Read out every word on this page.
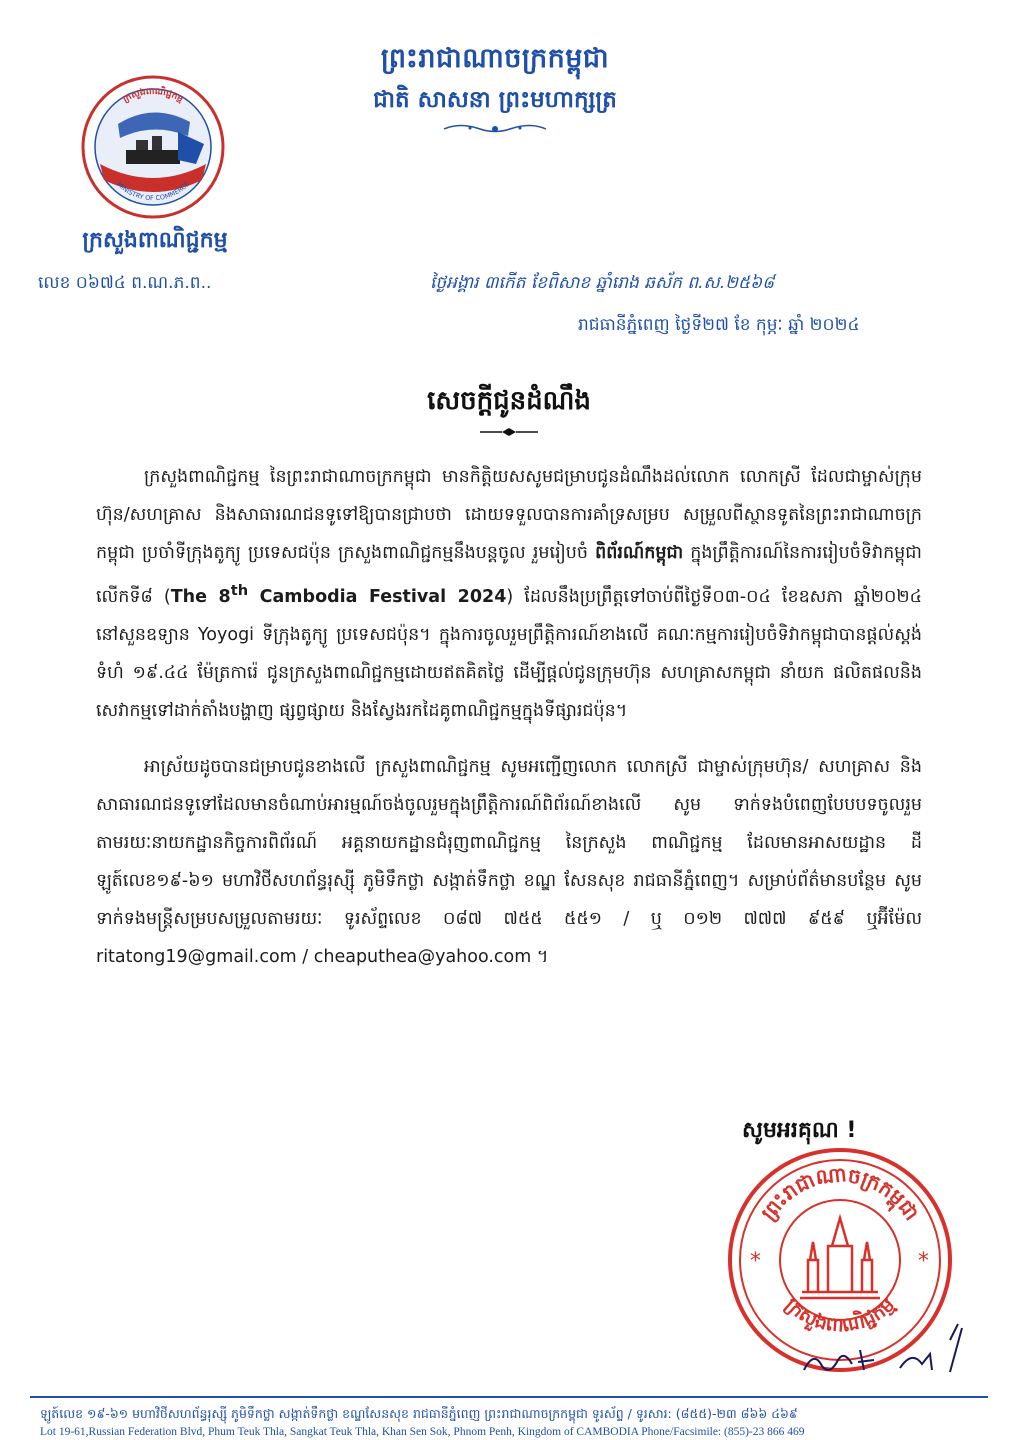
ក្រសួងពាណិជ្ជកម្ម
MINISTRY OF COMMERCE
ក្រសួងពាណិជ្ជកម្ម
លេខ ០៦៧៤ ព.ណ.ភ.ព..
ព្រះរាជាណាចក្រកម្ពុជា
ជាតិ សាសនា ព្រះមហាក្សត្រ
ថ្ងៃអង្គារ ៣កើត ខែពិសាខ ឆ្នាំរោង ឆស័ក ព.ស.២៥៦៨
រាជធានីភ្នំពេញ ថ្ងៃទី២៧ ខែ កុម្ភៈ ឆ្នាំ ២០២៤
សេចក្តីជូនដំណឹង

ក្រសួងពាណិជ្ជកម្ម នៃព្រះរាជាណាចក្រកម្ពុជា មានកិត្តិយសសូមជម្រាបជូនដំណឹងដល់លោក លោកស្រី ដែលជាម្ចាស់ក្រុមហ៊ុន/សហគ្រាស និងសាធារណជនទូទៅឱ្យបានជ្រាបថា ដោយទទួលបានការគាំទ្រសម្រប សម្រួលពីស្ថានទូតនៃព្រះរាជាណាចក្រកម្ពុជា ប្រចាំទីក្រុងតូក្យូ ប្រទេសជប៉ុន ក្រសួងពាណិជ្ជកម្មនឹងបន្តចូល រួមរៀបចំ ពិព័រណ៍កម្ពុជា ក្នុងព្រឹត្តិការណ៍នៃការរៀបចំទិវាកម្ពុជាលើកទី៨ (The 8th Cambodia Festival 2024) ដែលនឹងប្រព្រឹត្តទៅចាប់ពីថ្ងៃទី០៣-០៤ ខែឧសភា ឆ្នាំ២០២៤ នៅសួនឧទ្យាន Yoyogi ទីក្រុងតូក្យូ ប្រទេសជប៉ុន។ ក្នុងការចូលរួមព្រឹត្តិការណ៍ខាងលើ គណៈកម្មការរៀបចំទិវាកម្ពុជាបានផ្តល់ស្តង់ទំហំ ១៩.៤៤ ម៉ែត្រការ៉េ ជូនក្រសួងពាណិជ្ជកម្មដោយឥតគិតថ្លៃ ដើម្បីផ្តល់ជូនក្រុមហ៊ុន សហគ្រាសកម្ពុជា នាំយក ផលិតផលនិងសេវាកម្មទៅដាក់តាំងបង្ហាញ ផ្សព្វផ្សាយ និងស្វែងរកដៃគូពាណិជ្ជកម្មក្នុងទីផ្សារជប៉ុន។

អាស្រ័យដូចបានជម្រាបជូនខាងលើ ក្រសួងពាណិជ្ជកម្ម សូមអញ្ជើញលោក លោកស្រី ជាម្ចាស់ក្រុមហ៊ុន/ សហគ្រាស និងសាធារណជនទូទៅដែលមានចំណាប់អារម្មណ៍ចង់ចូលរួមក្នុងព្រឹត្តិការណ៍ពិព័រណ៍ខាងលើ សូម ទាក់ទងបំពេញបែបបទចូលរួមតាមរយៈនាយកដ្ឋានកិច្ចការពិព័រណ៍ អគ្គនាយកដ្ឋានជំរុញពាណិជ្ជកម្ម នៃក្រសួង ពាណិជ្ជកម្ម ដែលមានអាសយដ្ឋាន ដីឡូត៍លេខ១៩-៦១ មហាវិថីសហព័ន្ធរុស្ស៊ី ភូមិទឹកថ្លា សង្កាត់ទឹកថ្លា ខណ្ឌ សែនសុខ រាជធានីភ្នំពេញ។ សម្រាប់ព័ត៌មានបន្ថែម សូមទាក់ទងមន្ត្រីសម្របសម្រួលតាមរយៈ ទូរស័ព្ទលេខ ០៨៧ ៧៥៥ ៥៥១ / ឬ ០១២ ៧៧៧ ៩៥៩ ឬអ៊ីម៉ែល ritatong19@gmail.com / cheaputhea@yahoo.com ។

សូមអរគុណ !
ព្រះរាជាណាចក្រកម្ពុជា
ក្រសួងពាណិជ្ជកម្ម
*	*
ឡូត៍លេខ ១៩-៦១ មហាវិថីសហព័ន្ធរុស្ស៊ី ភូមិទឹកថ្លា សង្កាត់ទឹកថ្លា ខណ្ឌសែនសុខ រាជធានីភ្នំពេញ ព្រះរាជាណាចក្រកម្ពុជា ទូរស័ព្ទ / ទូរសារ: (៨៥៥)-២៣ ៨៦៦ ៤៦៩
Lot 19-61,Russian Federation Blvd, Phum Teuk Thla, Sangkat Teuk Thla, Khan Sen Sok, Phnom Penh, Kingdom of CAMBODIA Phone/Facsimile: (855)-23 866 469
